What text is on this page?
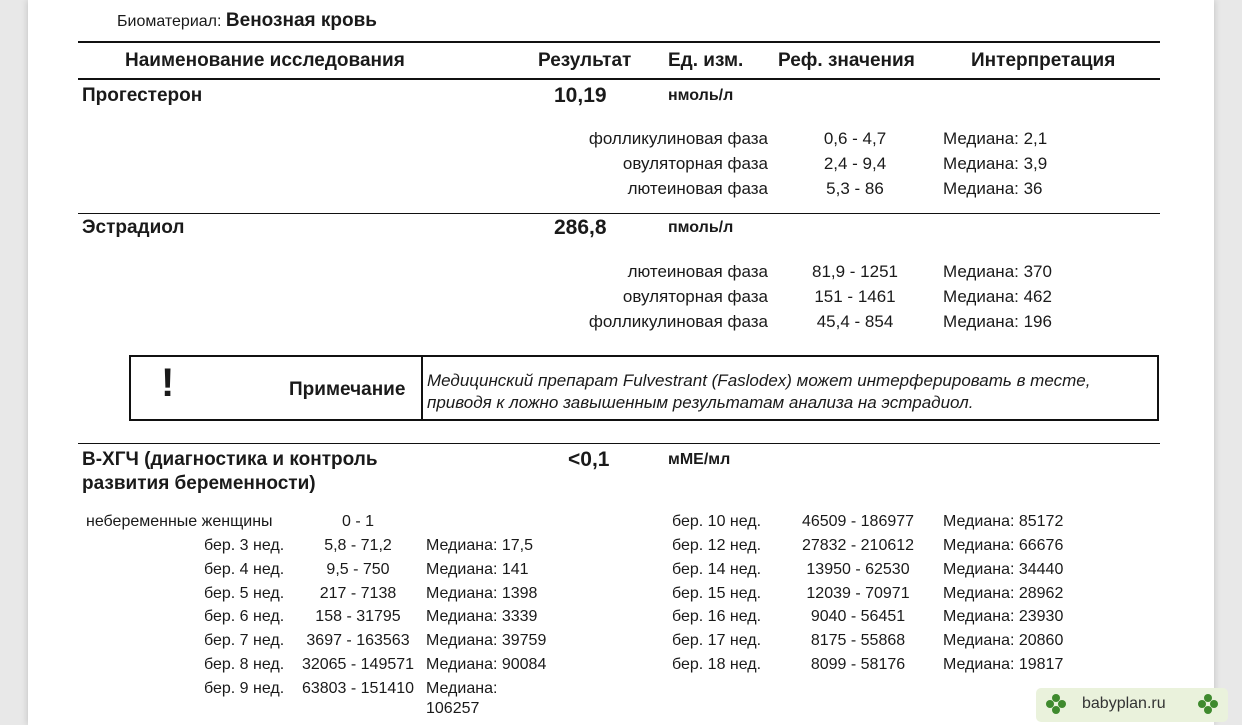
Биоматериал: Венозная кровь
Наименование исследования	Результат Ед. изм. Реф. значения	Интерпретация
Прогестерон	10,19	нмоль/л
фолликулиновая фаза	0,6 - 4,7	Медиана: 2,1
овуляторная фаза	2,4 - 9,4	Медиана: 3,9
лютеиновая фаза	5,3 - 86	Медиана: 36
Эстрадиол	286,8	пмоль/л
лютеиновая фаза	81,9 - 1251	Медиана: 370
овуляторная фаза	151 - 1461	Медиана: 462
фолликулиновая фаза	45,4 - 854	Медиана: 196
!	Примечание Медицинский препарат Fulvestrant (Faslodex) может интерферировать в тесте, приводя к ложно завышенным результатам анализа на эстрадиол.
В-ХГЧ (диагностика и контроль
развития беременности)
<0,1	мМЕ/мл
небеременные женщины	0 - 1
бер. 3 нед.	5,8 - 71,2	Медиана: 17,5
бер. 4 нед.	9,5 - 750	Медиана: 141
бер. 5 нед.	217 - 7138	Медиана: 1398
бер. 6 нед.	158 - 31795	Медиана: 3339
бер. 7 нед.	3697 - 163563	Медиана: 39759
бер. 8 нед.	32065 - 149571 Медиана: 90084
бер. 9 нед.	63803 - 151410 Медиана:
106257
бер. 10 нед.	46509 - 186977	Медиана: 85172
бер. 12 нед.	27832 - 210612	Медиана: 66676
бер. 14 нед.	13950 - 62530	Медиана: 34440
бер. 15 нед.	12039 - 70971	Медиана: 28962
бер. 16 нед.	9040 - 56451	Медиана: 23930
бер. 17 нед.	8175 - 55868	Медиана: 20860
бер. 18 нед.	8099 - 58176	Медиана: 19817
babyplan.ru
